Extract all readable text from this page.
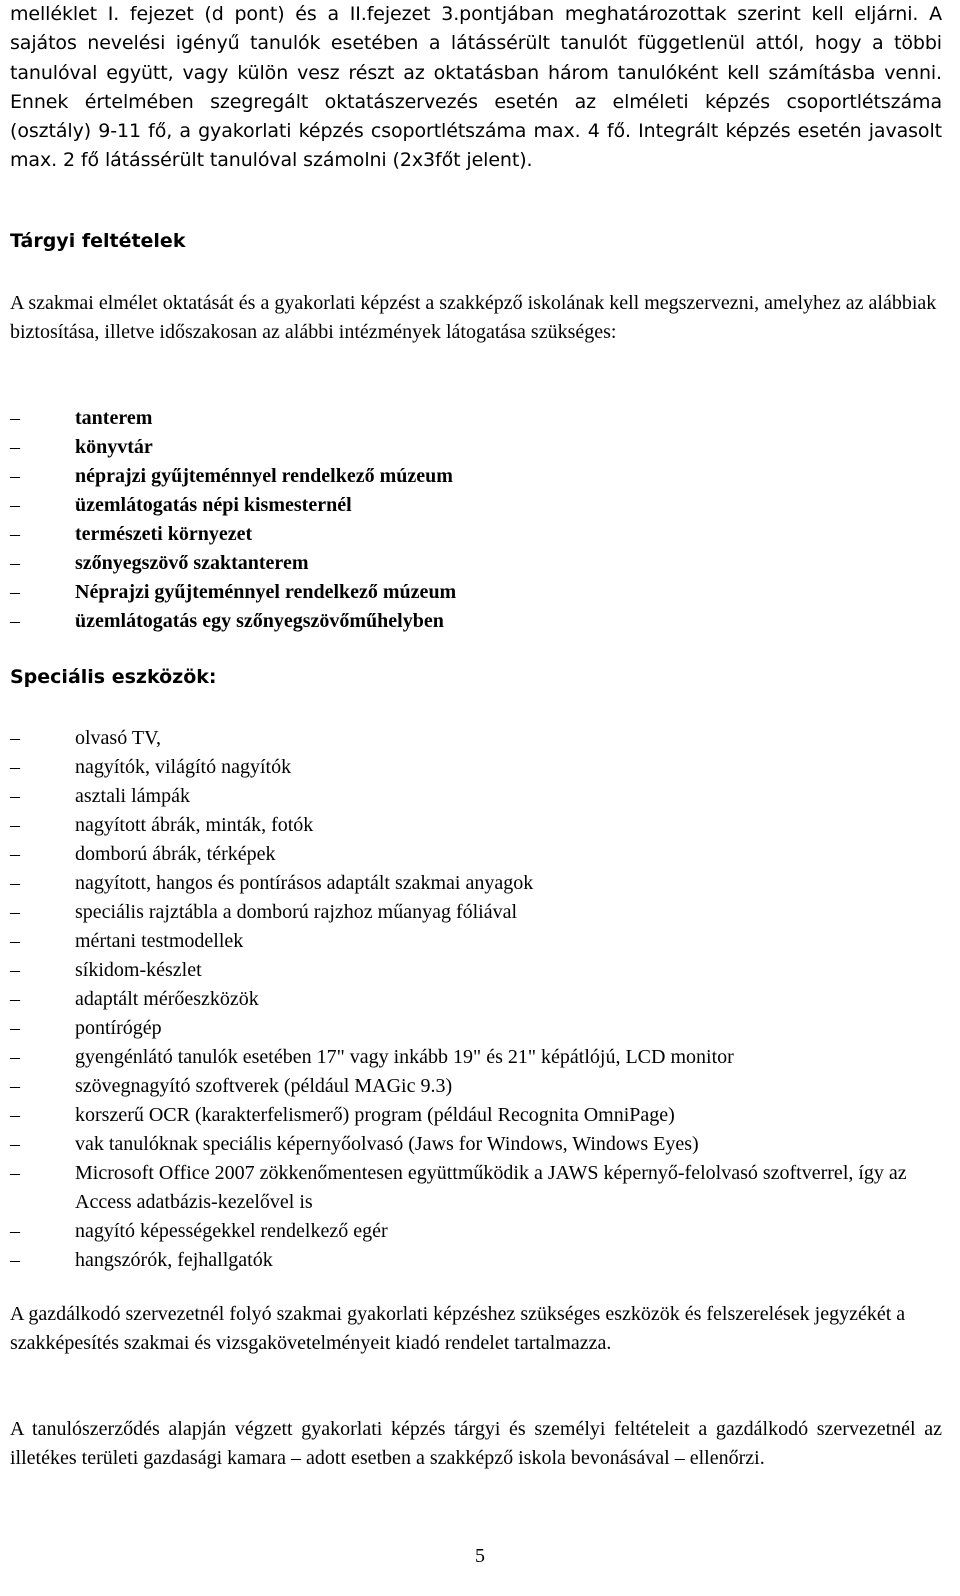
melléklet I. fejezet (d pont) és a II.fejezet 3.pontjában meghatározottak szerint kell eljárni. A sajátos nevelési igényű tanulók esetében a látássérült tanulót függetlenül attól, hogy a többi tanulóval együtt, vagy külön vesz részt az oktatásban három tanulóként kell számításba venni. Ennek értelmében szegregált oktatászervezés esetén az elméleti képzés csoportlétszáma (osztály) 9-11 fő, a gyakorlati képzés csoportlétszáma max. 4 fő. Integrált képzés esetén javasolt max. 2 fő látássérült tanulóval számolni (2x3főt jelent).

Tárgyi feltételek

A szakmai elmélet oktatását és a gyakorlati képzést a szakképző iskolának kell megszervezni, amelyhez az alábbiak biztosítása, illetve időszakosan az alábbi intézmények látogatása szükséges:

–	tanterem
–	könyvtár
–	néprajzi gyűjteménnyel rendelkező múzeum
–	üzemlátogatás népi kismesternél
–	természeti környezet
–	szőnyegszövő szaktanterem
–	Néprajzi gyűjteménnyel rendelkező múzeum
–	üzemlátogatás egy szőnyegszövőműhelyben
Speciális eszközök:
–	olvasó TV,
–	nagyítók, világító nagyítók
–	asztali lámpák
–	nagyított ábrák, minták, fotók
–	domború ábrák, térképek
–	nagyított, hangos és pontírásos adaptált szakmai anyagok
–	speciális rajztábla a domború rajzhoz műanyag fóliával
–	mértani testmodellek
–	síkidom-készlet
–	adaptált mérőeszközök
–	pontírógép
–	gyengénlátó tanulók esetében 17" vagy inkább 19" és 21" képátlójú, LCD monitor
–	szövegnagyító szoftverek (például MAGic 9.3)
–	korszerű OCR (karakterfelismerő) program (például Recognita OmniPage)
–	vak tanulóknak speciális képernyőolvasó (Jaws for Windows, Windows Eyes)
–	Microsoft Office 2007 zökkenőmentesen együttműködik a JAWS képernyő-felolvasó szoftverrel, így az Access adatbázis-kezelővel is
–	nagyító képességekkel rendelkező egér
–	hangszórók, fejhallgatók

A gazdálkodó szervezetnél folyó szakmai gyakorlati képzéshez szükséges eszközök és felszerelések jegyzékét a szakképesítés szakmai és vizsgakövetelményeit kiadó rendelet tartalmazza.

A tanulószerződés alapján végzett gyakorlati képzés tárgyi és személyi feltételeit a gazdálkodó szervezetnél az illetékes területi gazdasági kamara – adott esetben a szakképző iskola bevonásával – ellenőrzi.

5
